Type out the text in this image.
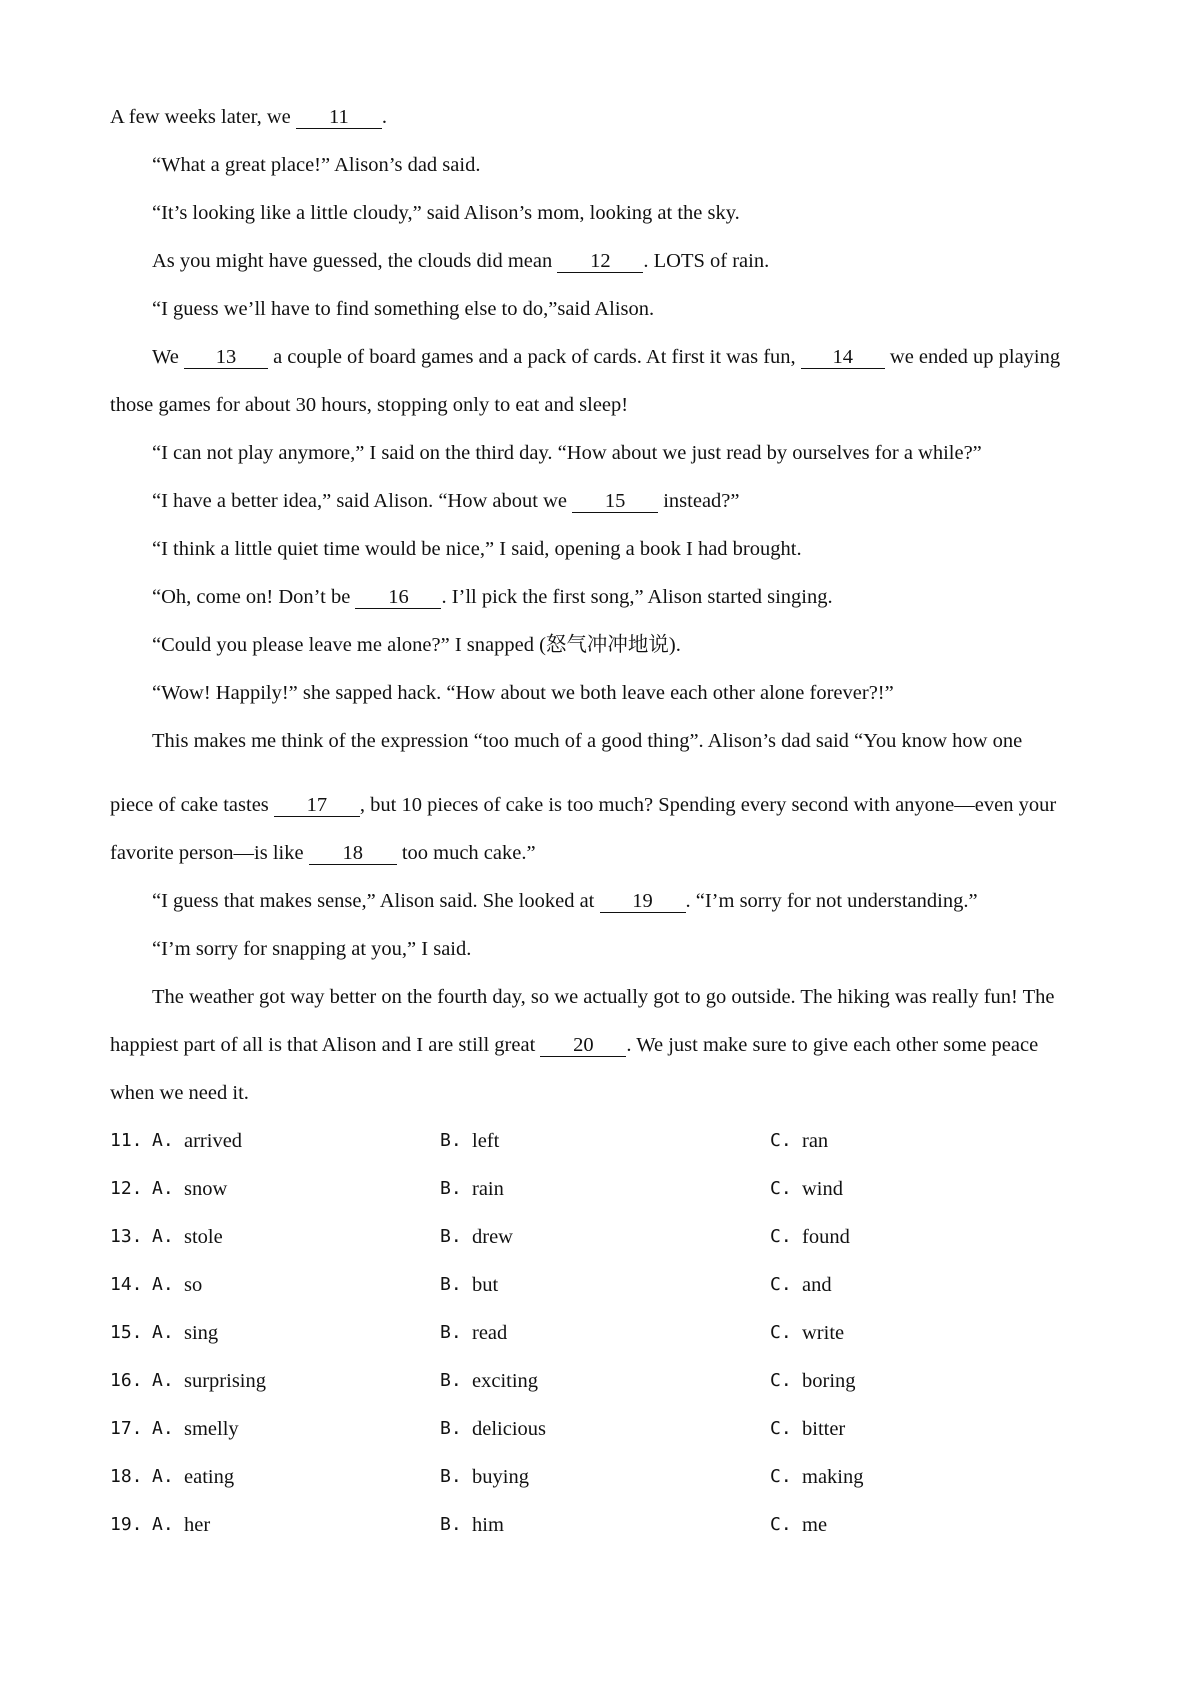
A few weeks later, we 11 .
“What a great place!” Alison’s dad said.
“It’s looking like a little cloudy,” said Alison’s mom, looking at the sky.
As you might have guessed, the clouds did mean 12 . LOTS of rain.
“I guess we’ll have to find something else to do,”said Alison.
We 13 a couple of board games and a pack of cards. At first it was fun, 14 we ended up playing
those games for about 30 hours, stopping only to eat and sleep!
“I can not play anymore,” I said on the third day. “How about we just read by ourselves for a while?”
“I have a better idea,” said Alison. “How about we 15 instead?”
“I think a little quiet time would be nice,” I said, opening a book I had brought.
“Oh, come on! Don’t be 16 . I’ll pick the first song,” Alison started singing.
“Could you please leave me alone?” I snapped (怒气冲冲地说).
“Wow! Happily!” she sapped hack. “How about we both leave each other alone forever?!”
This makes me think of the expression “too much of a good thing”. Alison’s dad said “You know how one
piece of cake tastes 17 , but 10 pieces of cake is too much? Spending every second with anyone—even your
favorite person—is like 18 too much cake.”
“I guess that makes sense,” Alison said. She looked at 19 . “I’m sorry for not understanding.”
“I’m sorry for snapping at you,” I said.
The weather got way better on the fourth day, so we actually got to go outside. The hiking was really fun! The
happiest part of all is that Alison and I are still great 20 . We just make sure to give each other some peace
when we need it.
11. A. arrived	B. left	C. ran
12. A. snow	B. rain	C. wind
13. A. stole	B. drew	C. found
14. A. so	B. but	C. and
15. A. sing	B. read	C. write
16. A. surprising	B. exciting	C. boring
17. A. smelly	B. delicious	C. bitter
18. A. eating	B. buying	C. making
19. A. her	B. him	C. me
